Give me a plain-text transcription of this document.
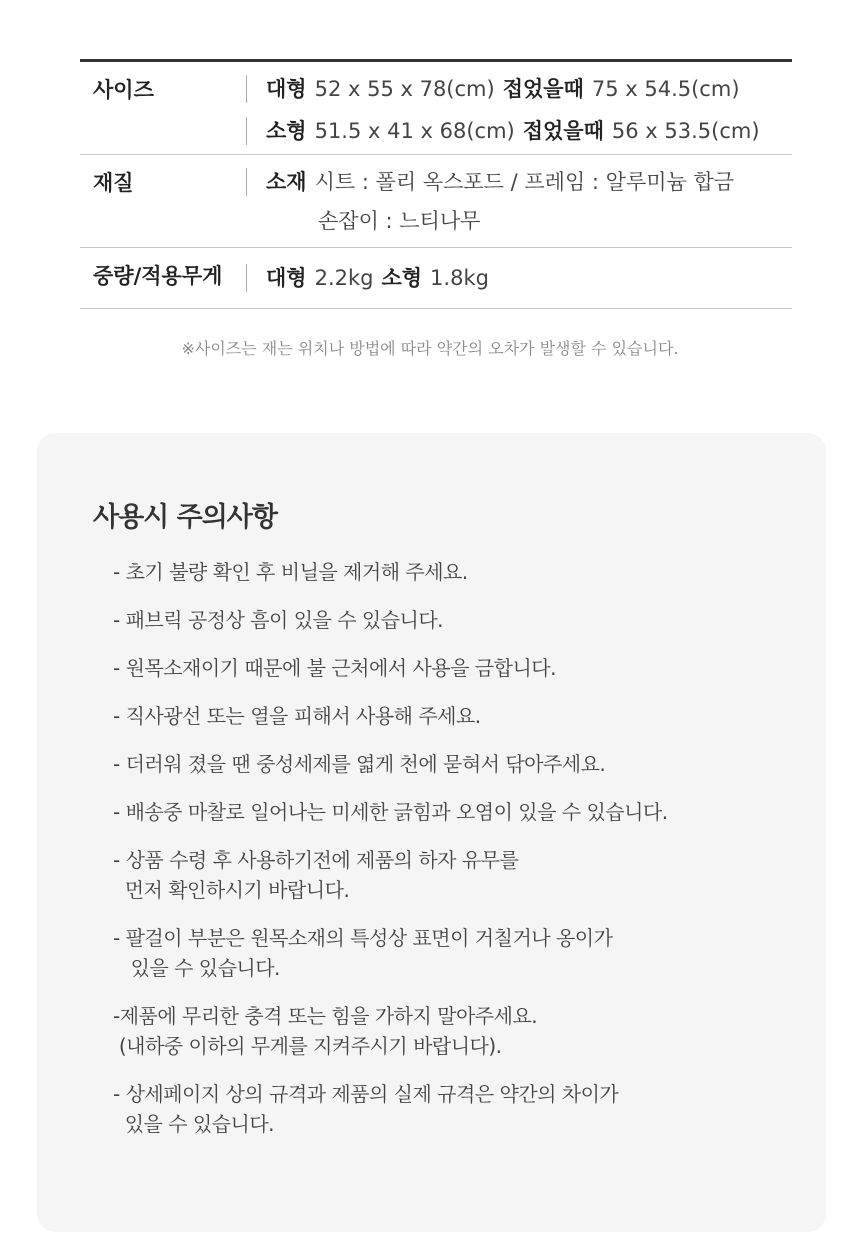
사이즈	대형 52 x 55 x 78(cm) 접었을때 75 x 54.5(cm)
소형 51.5 x 41 x 68(cm) 접었을때 56 x 53.5(cm)
재질	소재 시트 : 폴리 옥스포드 / 프레임 : 알루미늄 합금
손잡이 : 느티나무
중량/적용무게	대형 2.2kg 소형 1.8kg
※사이즈는 재는 위치나 방법에 따라 약간의 오차가 발생할 수 있습니다.
사용시 주의사항
- 초기 불량 확인 후 비닐을 제거해 주세요.
- 패브릭 공정상 흠이 있을 수 있습니다.
- 원목소재이기 때문에 불 근처에서 사용을 금합니다.
- 직사광선 또는 열을 피해서 사용해 주세요.
- 더러워 졌을 땐 중성세제를 엷게 천에 묻혀서 닦아주세요.
- 배송중 마찰로 일어나는 미세한 긁힘과 오염이 있을 수 있습니다.
- 상품 수령 후 사용하기전에 제품의 하자 유무를
먼저 확인하시기 바랍니다.
- 팔걸이 부분은 원목소재의 특성상 표면이 거칠거나 옹이가
있을 수 있습니다.
-제품에 무리한 충격 또는 힘을 가하지 말아주세요.
(내하중 이하의 무게를 지켜주시기 바랍니다).
- 상세페이지 상의 규격과 제품의 실제 규격은 약간의 차이가
있을 수 있습니다.
